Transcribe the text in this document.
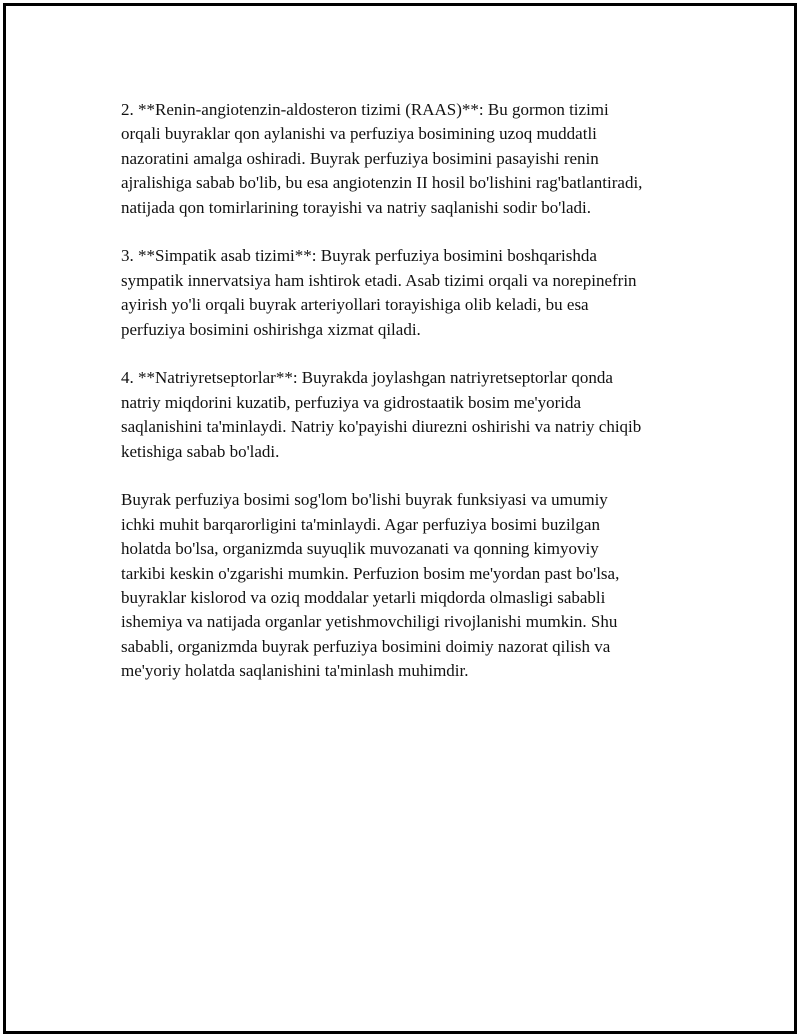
2. **Renin-angiotenzin-aldosteron tizimi (RAAS)**: Bu gormon tizimi
orqali buyraklar qon aylanishi va perfuziya bosimining uzoq muddatli
nazoratini amalga oshiradi. Buyrak perfuziya bosimini pasayishi renin
ajralishiga sabab bo'lib, bu esa angiotenzin II hosil bo'lishini rag'batlantiradi,
natijada qon tomirlarining torayishi va natriy saqlanishi sodir bo'ladi.

3. **Simpatik asab tizimi**: Buyrak perfuziya bosimini boshqarishda
sympatik innervatsiya ham ishtirok etadi. Asab tizimi orqali va norepinefrin
ayirish yo'li orqali buyrak arteriyollari torayishiga olib keladi, bu esa
perfuziya bosimini oshirishga xizmat qiladi.

4. **Natriyretseptorlar**: Buyrakda joylashgan natriyretseptorlar qonda
natriy miqdorini kuzatib, perfuziya va gidrostaatik bosim me'yorida
saqlanishini ta'minlaydi. Natriy ko'payishi diurezni oshirishi va natriy chiqib
ketishiga sabab bo'ladi.

Buyrak perfuziya bosimi sog'lom bo'lishi buyrak funksiyasi va umumiy
ichki muhit barqarorligini ta'minlaydi. Agar perfuziya bosimi buzilgan
holatda bo'lsa, organizmda suyuqlik muvozanati va qonning kimyoviy
tarkibi keskin o'zgarishi mumkin. Perfuzion bosim me'yordan past bo'lsa,
buyraklar kislorod va oziq moddalar yetarli miqdorda olmasligi sababli
ishemiya va natijada organlar yetishmovchiligi rivojlanishi mumkin. Shu
sababli, organizmda buyrak perfuziya bosimini doimiy nazorat qilish va
me'yoriy holatda saqlanishini ta'minlash muhimdir.
